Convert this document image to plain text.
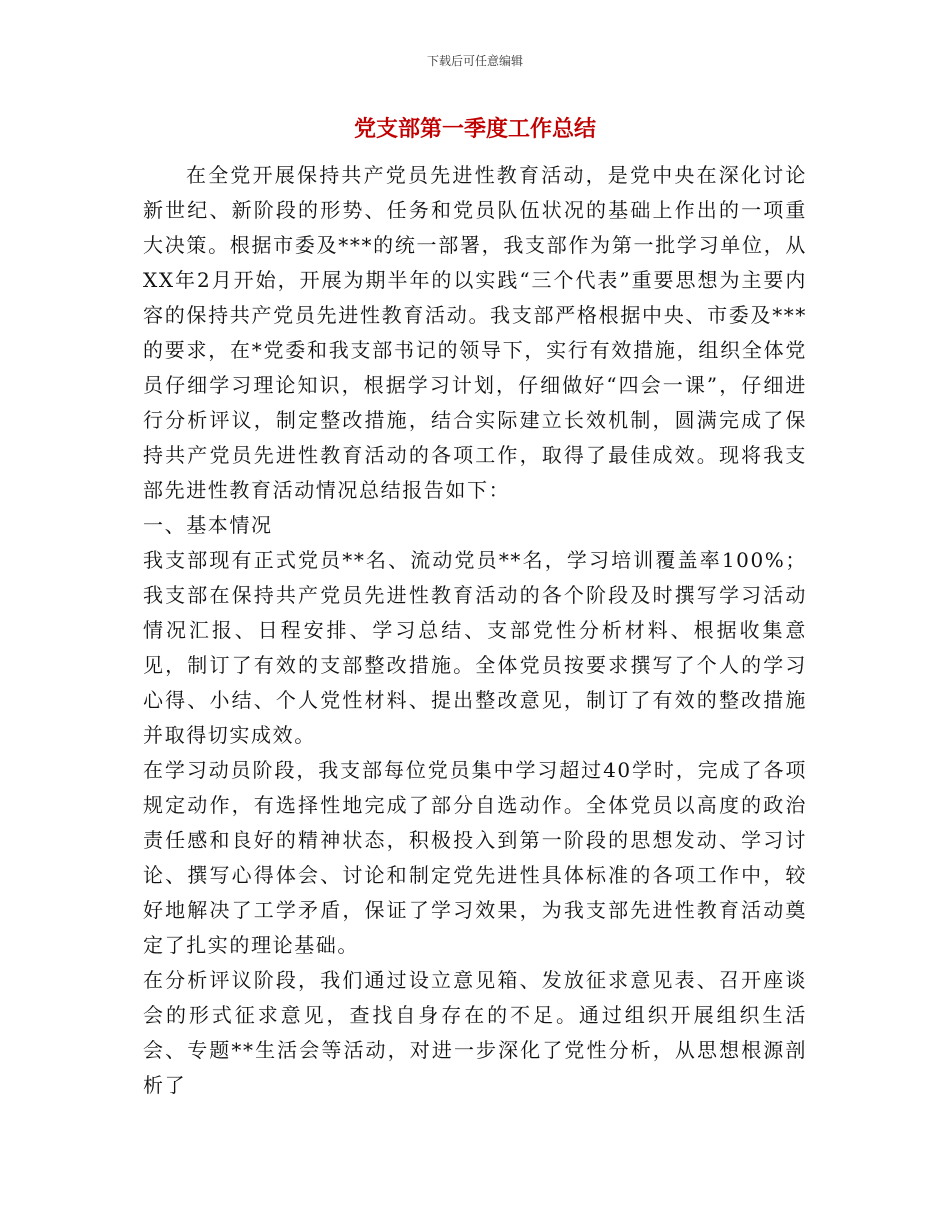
下载后可任意编辑
党支部第一季度工作总结

在全党开展保持共产党员先进性教育活动，是党中央在深化讨论新世纪、新阶段的形势、任务和党员队伍状况的基础上作出的一项重大决策。根据市委及***的统一部署，我支部作为第一批学习单位，从XX年2月开始，开展为期半年的以实践“三个代表”重要思想为主要内容的保持共产党员先进性教育活动。我支部严格根据中央、市委及***的要求，在*党委和我支部书记的领导下，实行有效措施，组织全体党员仔细学习理论知识，根据学习计划，仔细做好“四会一课”，仔细进行分析评议，制定整改措施，结合实际建立长效机制，圆满完成了保持共产党员先进性教育活动的各项工作，取得了最佳成效。现将我支部先进性教育活动情况总结报告如下：

一、基本情况

我支部现有正式党员**名、流动党员**名，学习培训覆盖率100%；我支部在保持共产党员先进性教育活动的各个阶段及时撰写学习活动情况汇报、日程安排、学习总结、支部党性分析材料、根据收集意见，制订了有效的支部整改措施。全体党员按要求撰写了个人的学习心得、小结、个人党性材料、提出整改意见，制订了有效的整改措施并取得切实成效。

在学习动员阶段，我支部每位党员集中学习超过40学时，完成了各项规定动作，有选择性地完成了部分自选动作。全体党员以高度的政治责任感和良好的精神状态，积极投入到第一阶段的思想发动、学习讨论、撰写心得体会、讨论和制定党先进性具体标准的各项工作中，较好地解决了工学矛盾，保证了学习效果，为我支部先进性教育活动奠定了扎实的理论基础。

在分析评议阶段，我们通过设立意见箱、发放征求意见表、召开座谈会的形式征求意见，查找自身存在的不足。通过组织开展组织生活会、专题**生活会等活动，对进一步深化了党性分析，从思想根源剖析了
